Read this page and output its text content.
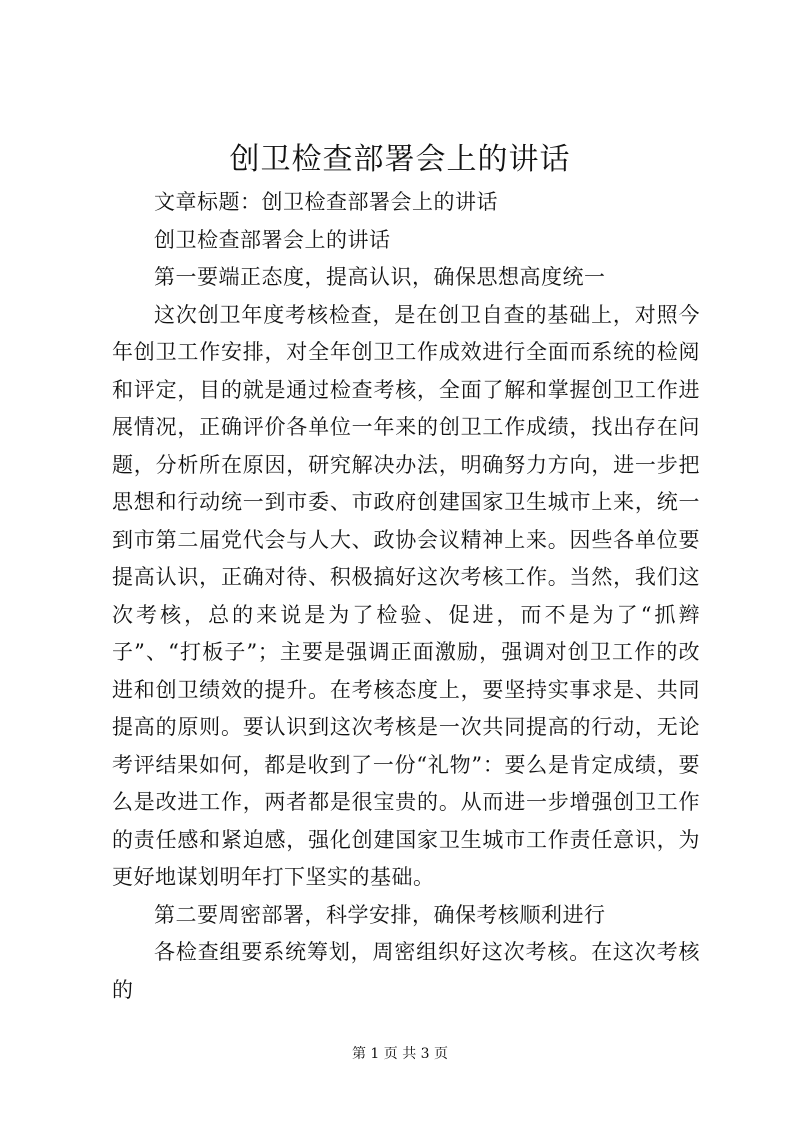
创卫检查部署会上的讲话

文章标题：创卫检查部署会上的讲话

创卫检查部署会上的讲话

第一要端正态度，提高认识，确保思想高度统一

这次创卫年度考核检查，是在创卫自查的基础上，对照今年创卫工作安排，对全年创卫工作成效进行全面而系统的检阅和评定，目的就是通过检查考核，全面了解和掌握创卫工作进展情况，正确评价各单位一年来的创卫工作成绩，找出存在问题，分析所在原因，研究解决办法，明确努力方向，进一步把思想和行动统一到市委、市政府创建国家卫生城市上来，统一到市第二届党代会与人大、政协会议精神上来。因些各单位要提高认识，正确对待、积极搞好这次考核工作。当然，我们这次考核，总的来说是为了检验、促进，而不是为了“抓辫子”、“打板子”；主要是强调正面激励，强调对创卫工作的改进和创卫绩效的提升。在考核态度上，要坚持实事求是、共同提高的原则。要认识到这次考核是一次共同提高的行动，无论考评结果如何，都是收到了一份“礼物”：要么是肯定成绩，要么是改进工作，两者都是很宝贵的。从而进一步增强创卫工作的责任感和紧迫感，强化创建国家卫生城市工作责任意识，为更好地谋划明年打下坚实的基础。

第二要周密部署，科学安排，确保考核顺利进行

各检查组要系统筹划，周密组织好这次考核。在这次考核的

第 1 页 共 3 页
